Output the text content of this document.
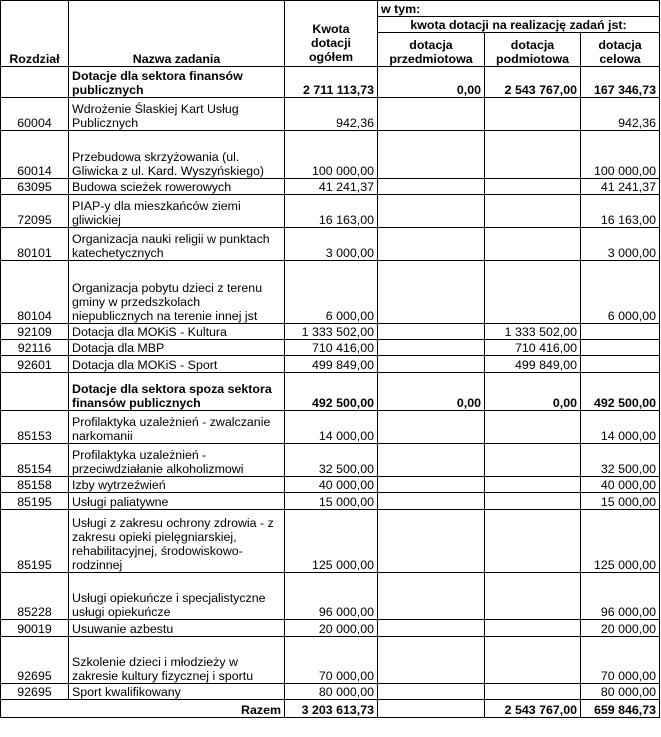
Rozdział	Nazwa zadania	Kwota dotacji ogółem	w tym:		
			kwota dotacji na realizację zadań jst:		
			dotacja przedmiotowa	dotacja podmiotowa	dotacja celowa
	Dotacje dla sektora finansów publicznych	2 711 113,73	0,00	2 543 767,00	167 346,73
60004	Wdrożenie Ślaskiej Kart Usług Publicznych	942,36			942,36
60014	Przebudowa skrzyżowania (ul. Gliwicka z ul. Kard. Wyszyńskiego)	100 000,00			100 000,00
63095	Budowa scieżek rowerowych	41 241,37			41 241,37
72095	PIAP-y dla mieszkańców ziemi gliwickiej	16 163,00			16 163,00
80101	Organizacja nauki religii w punktach katechetycznych	3 000,00			3 000,00
80104	Organizacja pobytu dzieci z terenu gminy w przedszkolach niepublicznych na terenie innej jst	6 000,00			6 000,00
92109	Dotacja dla MOKiS - Kultura	1 333 502,00		1 333 502,00	
92116	Dotacja dla MBP	710 416,00		710 416,00	
92601	Dotacja dla MOKiS - Sport	499 849,00		499 849,00	
	Dotacje dla sektora spoza sektora finansów publicznych	492 500,00	0,00	0,00	492 500,00
85153	Profilaktyka uzależnień - zwalczanie narkomanii	14 000,00			14 000,00
85154	Profilaktyka uzależnień - przeciwdziałanie alkoholizmowi	32 500,00			32 500,00
85158	Izby wytrzeźwień	40 000,00			40 000,00
85195	Usługi paliatywne	15 000,00			15 000,00
85195	Usługi z zakresu ochrony zdrowia - z zakresu opieki pielęgniarskiej, rehabilitacyjnej, środowiskowo- rodzinnej	125 000,00			125 000,00
85228	Usługi opiekuńcze i specjalistyczne usługi opiekuńcze	96 000,00			96 000,00
90019	Usuwanie azbestu	20 000,00			20 000,00
92695	Szkolenie dzieci i młodzieży w zakresie kultury fizycznej i sportu	70 000,00			70 000,00
92695	Sport kwalifikowany	80 000,00			80 000,00
Razem		3 203 613,73		2 543 767,00	659 846,73
